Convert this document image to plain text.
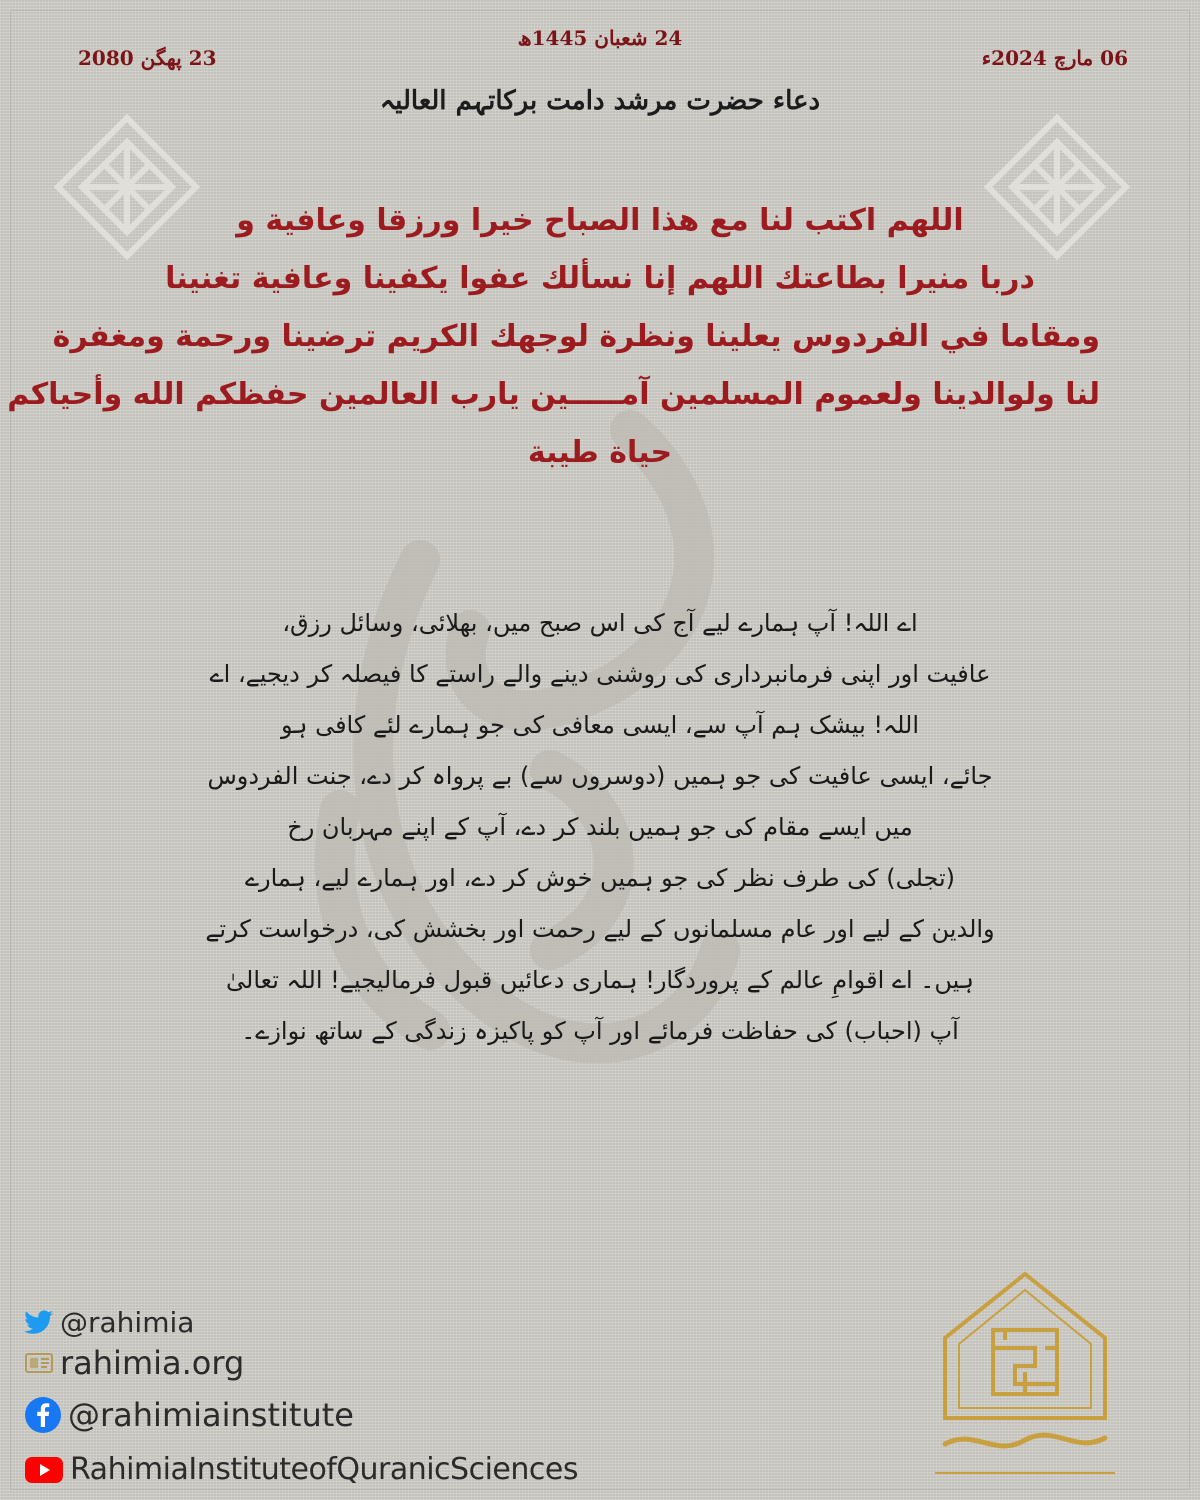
24 شعبان 1445ھ
06 مارچ 2024ء
23 پھگن 2080
دعاء حضرت مرشد دامت برکاتہم العالیہ
اللهم اكتب لنا مع هذا الصباح خيرا ورزقا وعافية و
دربا منيرا بطاعتك اللهم إنا نسألك عفوا يكفينا وعافية تغنينا
ومقاما في الفردوس يعلينا ونظرة لوجهك الكريم ترضينا ورحمة ومغفرة
لنا ولوالدينا ولعموم المسلمين آمـــــين يارب العالمين حفظكم الله وأحياكم
حياة طيبة
اے اللہ! آپ ہمارے لیے آج کی اس صبح میں، بھلائی، وسائل رزق،
عافیت اور اپنی فرمانبرداری کی روشنی دینے والے راستے کا فیصلہ کر دیجیے، اے
اللہ! بیشک ہم آپ سے، ایسی معافی کی جو ہمارے لئے کافی ہو
جائے، ایسی عافیت کی جو ہمیں (دوسروں سے) بے پرواہ کر دے، جنت الفردوس
میں ایسے مقام کی جو ہمیں بلند کر دے، آپ کے اپنے مہربان رخ
(تجلی) کی طرف نظر کی جو ہمیں خوش کر دے، اور ہمارے لیے، ہمارے
والدین کے لیے اور عام مسلمانوں کے لیے رحمت اور بخشش کی، درخواست کرتے
ہیں۔ اے اقوامِ عالم کے پروردگار! ہماری دعائیں قبول فرمالیجیے! اللہ تعالیٰ
آپ (احباب) کی حفاظت فرمائے اور آپ کو پاکیزہ زندگی کے ساتھ نوازے۔
@rahimia
rahimia.org
@rahimiainstitute
RahimiaInstituteofQuranicSciences
